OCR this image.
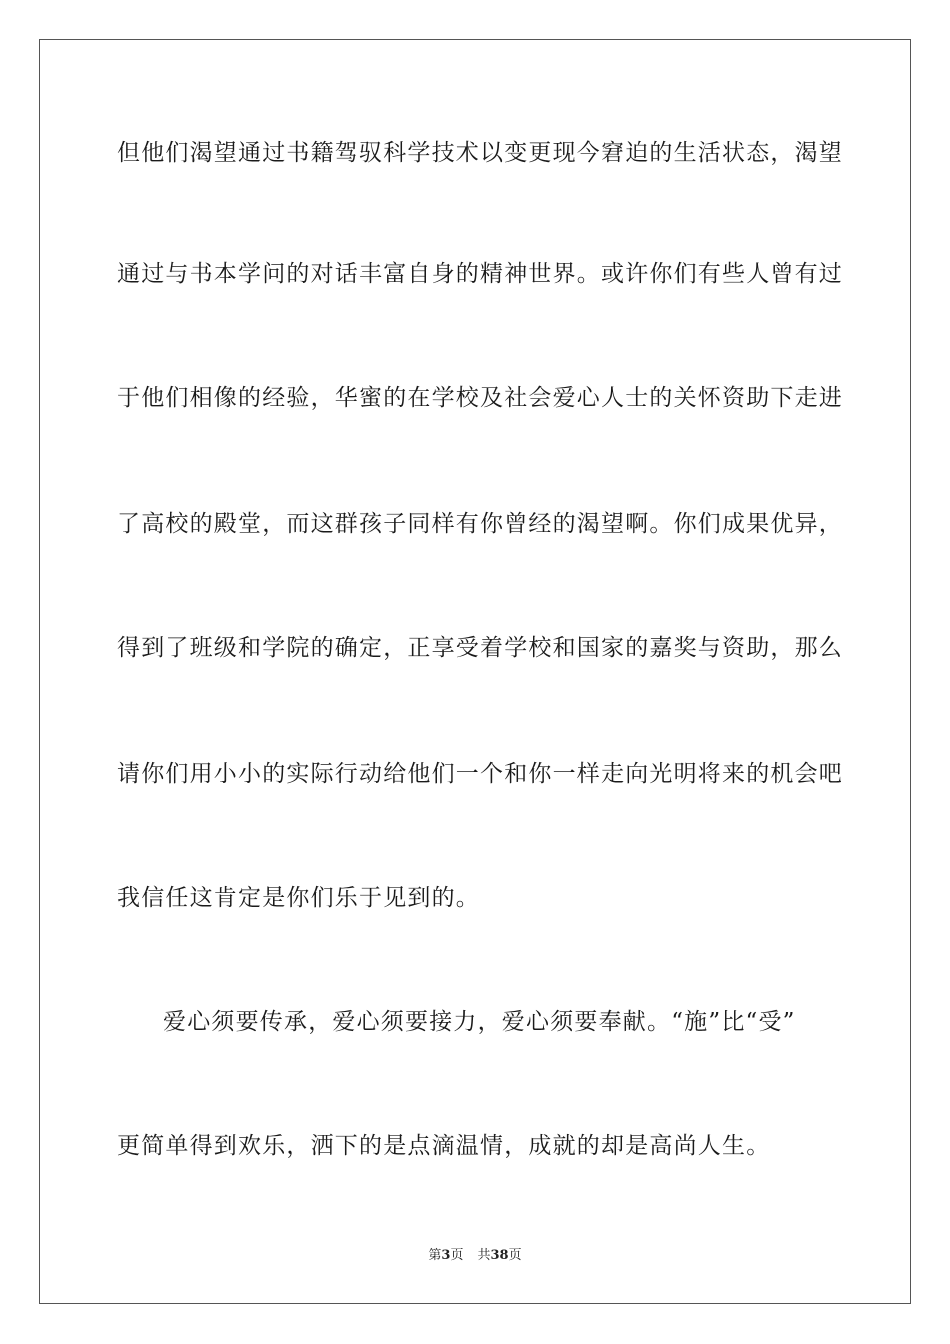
但他们渴望通过书籍驾驭科学技术以变更现今窘迫的生活状态，渴望
通过与书本学问的对话丰富自身的精神世界。或许你们有些人曾有过
于他们相像的经验，华蜜的在学校及社会爱心人士的关怀资助下走进
了高校的殿堂，而这群孩子同样有你曾经的渴望啊。你们成果优异，
得到了班级和学院的确定，正享受着学校和国家的嘉奖与资助，那么
请你们用小小的实际行动给他们一个和你一样走向光明将来的机会吧
我信任这肯定是你们乐于见到的。
爱心须要传承，爱心须要接力，爱心须要奉献。“施”比“受”
更简单得到欢乐，洒下的是点滴温情，成就的却是高尚人生。
第3页 共38页
